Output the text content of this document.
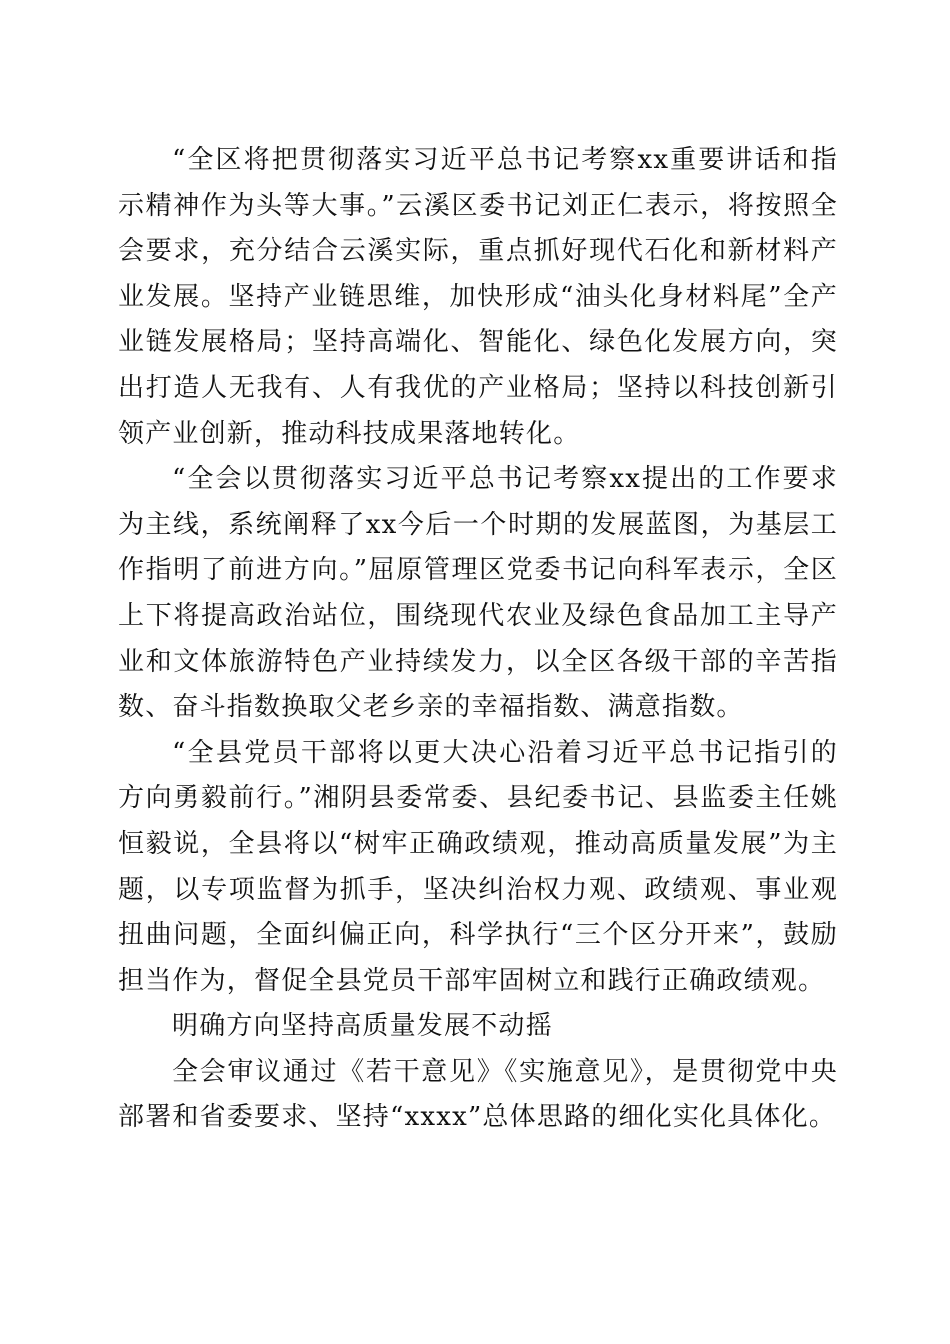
“全区将把贯彻落实习近平总书记考察xx重要讲话和指示精神作为头等大事。”云溪区委书记刘正仁表示，将按照全会要求，充分结合云溪实际，重点抓好现代石化和新材料产业发展。坚持产业链思维，加快形成“油头化身材料尾”全产业链发展格局；坚持高端化、智能化、绿色化发展方向，突出打造人无我有、人有我优的产业格局；坚持以科技创新引领产业创新，推动科技成果落地转化。

“全会以贯彻落实习近平总书记考察xx提出的工作要求为主线，系统阐释了xx今后一个时期的发展蓝图，为基层工作指明了前进方向。”屈原管理区党委书记向科军表示，全区上下将提高政治站位，围绕现代农业及绿色食品加工主导产业和文体旅游特色产业持续发力，以全区各级干部的辛苦指数、奋斗指数换取父老乡亲的幸福指数、满意指数。

“全县党员干部将以更大决心沿着习近平总书记指引的方向勇毅前行。”湘阴县委常委、县纪委书记、县监委主任姚恒毅说，全县将以“树牢正确政绩观，推动高质量发展”为主题，以专项监督为抓手，坚决纠治权力观、政绩观、事业观扭曲问题，全面纠偏正向，科学执行“三个区分开来”，鼓励担当作为，督促全县党员干部牢固树立和践行正确政绩观。

明确方向坚持高质量发展不动摇

全会审议通过《若干意见》《实施意见》，是贯彻党中央部署和省委要求、坚持“xxxx”总体思路的细化实化具体化。
